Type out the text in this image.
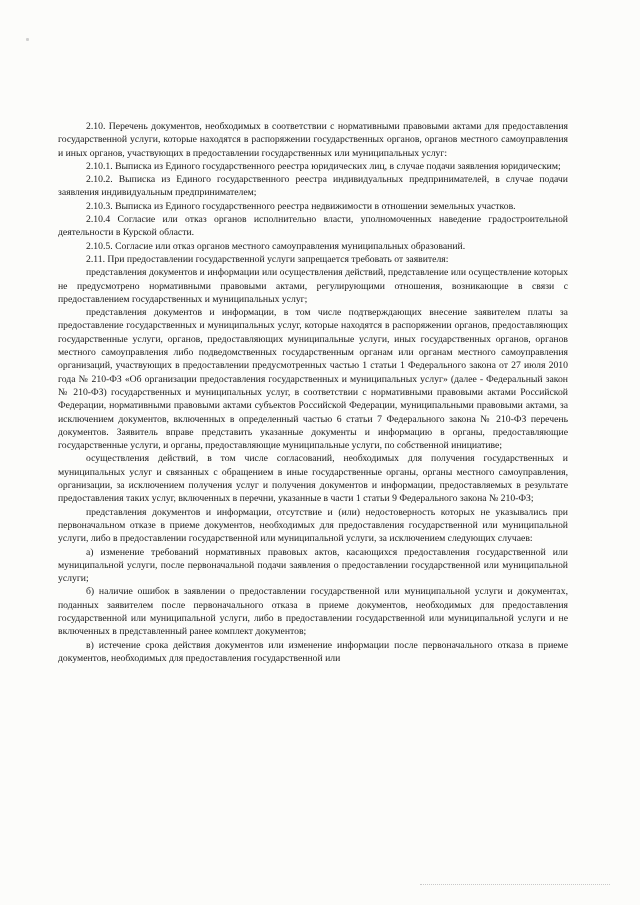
2.10. Перечень документов, необходимых в соответствии с нормативными правовыми актами для предоставления государственной услуги, которые находятся в распоряжении государственных органов, органов местного самоуправления и иных органов, участвующих в предоставлении государственных или муниципальных услуг:

2.10.1. Выписка из Единого государственного реестра юридических лиц, в случае подачи заявления юридическим;

2.10.2. Выписка из Единого государственного реестра индивидуальных предпринимателей, в случае подачи заявления индивидуальным предпринимателем;

2.10.3. Выписка из Единого государственного реестра недвижимости в отношении земельных участков.

2.10.4 Согласие или отказ органов исполнительно власти, уполномоченных наведение градостроительной деятельности в Курской области.

2.10.5. Согласие или отказ органов местного самоуправления муниципальных образований.

2.11. При предоставлении государственной услуги запрещается требовать от заявителя:

представления документов и информации или осуществления действий, представление или осуществление которых не предусмотрено нормативными правовыми актами, регулирующими отношения, возникающие в связи с предоставлением государственных и муниципальных услуг;

представления документов и информации, в том числе подтверждающих внесение заявителем платы за предоставление государственных и муниципальных услуг, которые находятся в распоряжении органов, предоставляющих государственные услуги, органов, предоставляющих муниципальные услуги, иных государственных органов, органов местного самоуправления либо подведомственных государственным органам или органам местного самоуправления организаций, участвующих в предоставлении предусмотренных частью 1 статьи 1 Федерального закона от 27 июля 2010 года № 210-ФЗ «Об организации предоставления государственных и муниципальных услуг» (далее - Федеральный закон № 210-ФЗ) государственных и муниципальных услуг, в соответствии с нормативными правовыми актами Российской Федерации, нормативными правовыми актами субъектов Российской Федерации, муниципальными правовыми актами, за исключением документов, включенных в определенный частью 6 статьи 7 Федерального закона № 210-ФЗ перечень документов. Заявитель вправе представить указанные документы и информацию в органы, предоставляющие государственные услуги, и органы, предоставляющие муниципальные услуги, по собственной инициативе;

осуществления действий, в том числе согласований, необходимых для получения государственных и муниципальных услуг и связанных с обращением в иные государственные органы, органы местного самоуправления, организации, за исключением получения услуг и получения документов и информации, предоставляемых в результате предоставления таких услуг, включенных в перечни, указанные в части 1 статьи 9 Федерального закона № 210-ФЗ;

представления документов и информации, отсутствие и (или) недостоверность которых не указывались при первоначальном отказе в приеме документов, необходимых для предоставления государственной или муниципальной услуги, либо в предоставлении государственной или муниципальной услуги, за исключением следующих случаев:

а) изменение требований нормативных правовых актов, касающихся предоставления государственной или муниципальной услуги, после первоначальной подачи заявления о предоставлении государственной или муниципальной услуги;

б) наличие ошибок в заявлении о предоставлении государственной или муниципальной услуги и документах, поданных заявителем после первоначального отказа в приеме документов, необходимых для предоставления государственной или муниципальной услуги, либо в предоставлении государственной или муниципальной услуги и не включенных в представленный ранее комплект документов;

в) истечение срока действия документов или изменение информации после первоначального отказа в приеме документов, необходимых для предоставления государственной или
